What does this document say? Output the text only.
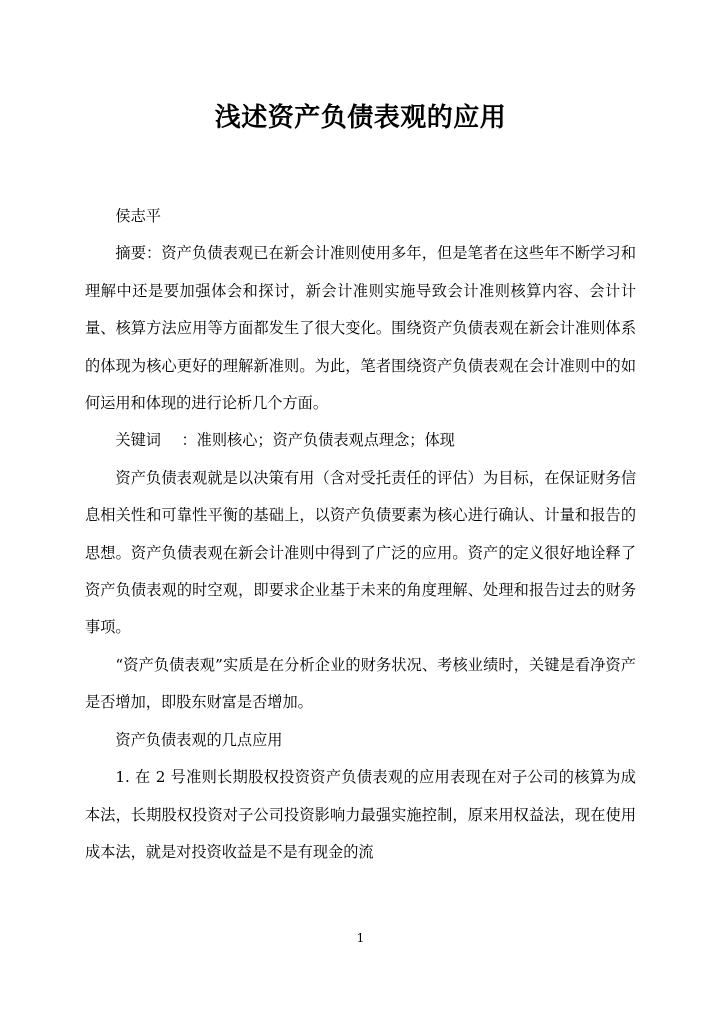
浅述资产负债表观的应用

侯志平

摘要：资产负债表观已在新会计准则使用多年，但是笔者在这些年不断学习和理解中还是要加强体会和探讨，新会计准则实施导致会计准则核算内容、会计计量、核算方法应用等方面都发生了很大变化。围绕资产负债表观在新会计准则体系的体现为核心更好的理解新准则。为此，笔者围绕资产负债表观在会计准则中的如何运用和体现的进行论析几个方面。

关键词 ：准则核心；资产负债表观点理念；体现

资产负债表观就是以决策有用（含对受托责任的评估）为目标，在保证财务信息相关性和可靠性平衡的基础上，以资产负债要素为核心进行确认、计量和报告的思想。资产负债表观在新会计准则中得到了广泛的应用。资产的定义很好地诠释了资产负债表观的时空观，即要求企业基于未来的角度理解、处理和报告过去的财务事项。

“资产负债表观”实质是在分析企业的财务状况、考核业绩时，关键是看净资产是否增加，即股东财富是否增加。

资产负债表观的几点应用

1. 在 2 号准则长期股权投资资产负债表观的应用表现在对子公司的核算为成本法，长期股权投资对子公司投资影响力最强实施控制，原来用权益法，现在使用成本法，就是对投资收益是不是有现金的流

1
